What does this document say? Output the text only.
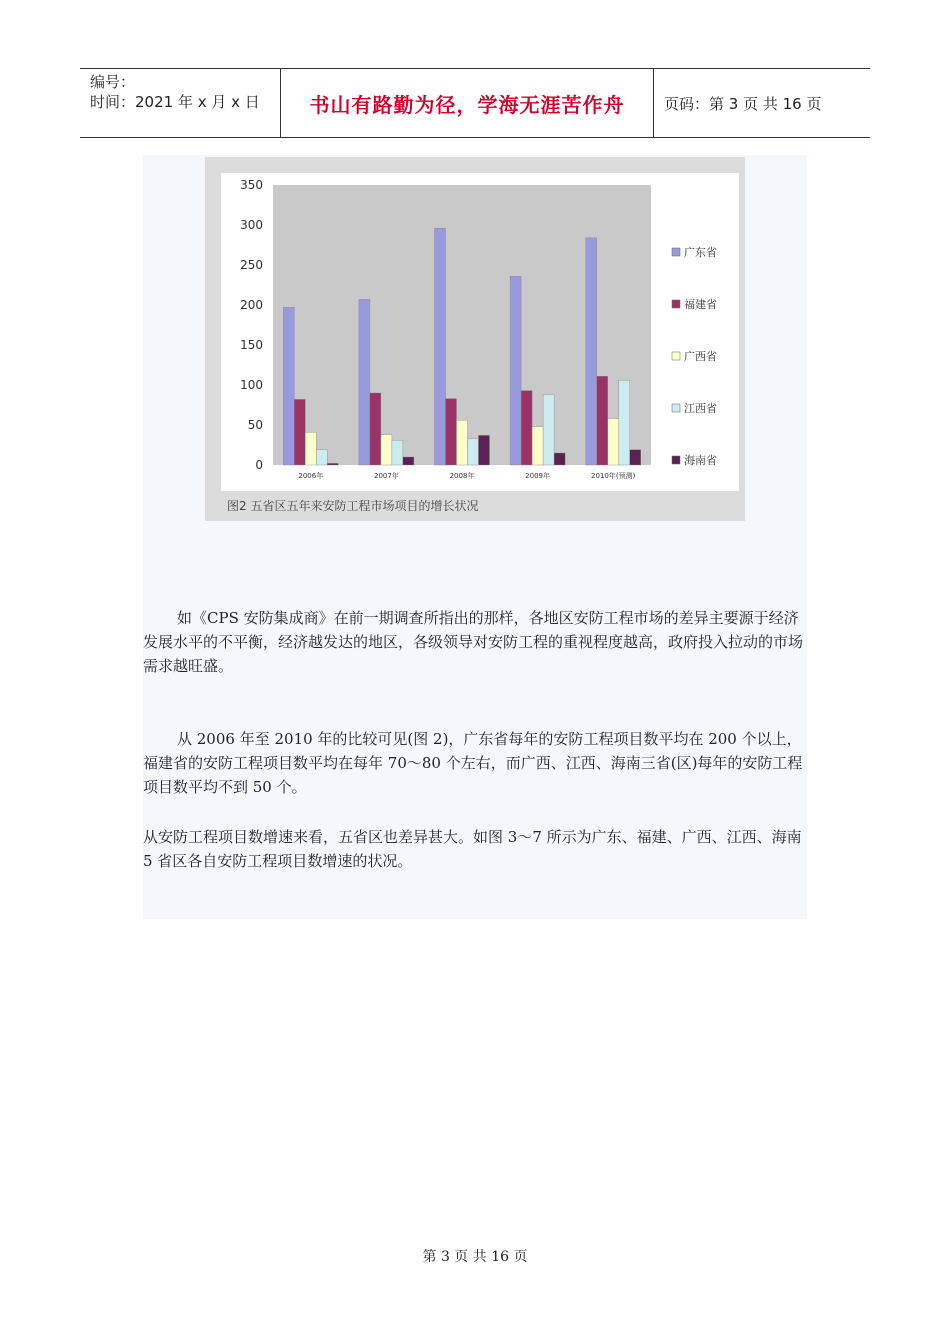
编号：
时间：2021 年 x 月 x 日 书山有路勤为径，学海无涯苦作舟	页码：第 3 页 共 16 页
0
50
100
150
200
250
300
350
2006年	2007年	2008年	2009年	2010年(预测)
广东省
福建省
广西省
江西省
海南省
图2 五省区五年来安防工程市场项目的增长状况

如《CPS 安防集成商》在前一期调查所指出的那样，各地区安防工程市场的差异主要源于经济发展水平的不平衡，经济越发达的地区，各级领导对安防工程的重视程度越高，政府投入拉动的市场需求越旺盛。

从 2006 年至 2010 年的比较可见(图 2)，广东省每年的安防工程项目数平均在 200 个以上，福建省的安防工程项目数平均在每年 70～80 个左右，而广西、江西、海南三省(区)每年的安防工程项目数平均不到 50 个。

从安防工程项目数增速来看，五省区也差异甚大。如图 3～7 所示为广东、福建、广西、江西、海南 5 省区各自安防工程项目数增速的状况。

第 3 页 共 16 页
